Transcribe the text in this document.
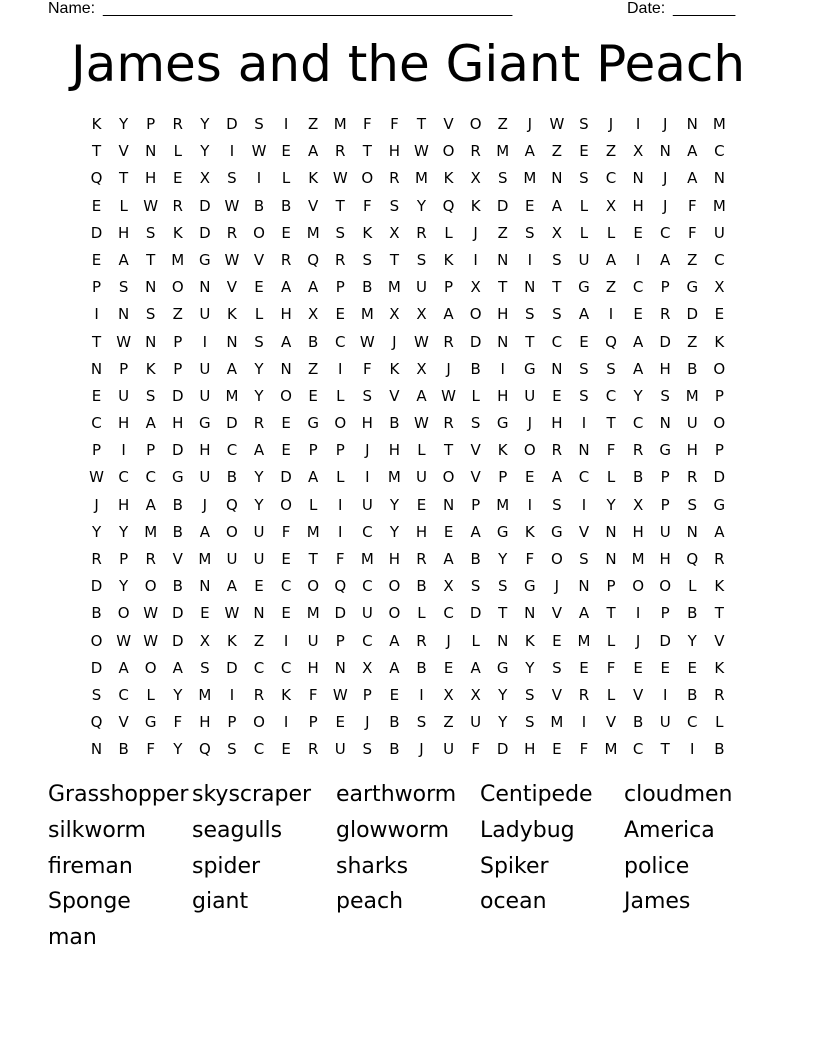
Name: ______________________________________________	Date: _______
James and the Giant Peach
K	Y	P	R	Y	D	S	I	Z	M	F	F	T	V	O	Z	J	W S	J	I	J	N M
T	V	N	L	Y	I	W E	A	R	T	H W O	R	M	A	Z	E	Z	X	N	A	C
Q	T	H	E	X	S	I	L	K W O	R	M	K	X	S	M N	S	C	N	J	A	N
E	L	W R	D W B	B	V	T	F	S	Y	Q	K	D	E	A	L	X	H	J	F	M
D	H	S	K	D	R	O	E	M	S	K	X	R	L	J	Z	S	X	L	L	E	C	F	U
E	A	T	M G W V	R	Q	R	S	T	S	K	I	N	I	S	U	A	I	A	Z	C
P	S	N	O	N	V	E	A	A	P	B	M	U	P	X	T	N	T	G	Z	C	P	G	X
I	N	S	Z	U	K	L	H	X	E	M	X	X	A	O	H	S	S	A	I	E	R	D	E
T	W N	P	I	N	S	A	B	C W	J	W R	D	N	T	C	E	Q	A	D	Z	K
N	P	K	P	U	A	Y	N	Z	I	F	K	X	J	B	I	G	N	S	S	A	H	B	O
E	U	S	D	U	M	Y	O	E	L	S	V	A W	L	H	U	E	S	C	Y	S	M	P
C	H	A	H	G	D	R	E	G	O	H	B W R	S	G	J	H	I	T	C	N	U	O
P	I	P	D	H	C	A	E	P	P	J	H	L	T	V	K	O	R	N	F	R	G	H	P
W C	C	G	U	B	Y	D	A	L	I	M	U	O	V	P	E	A	C	L	B	P	R	D
J	H	A	B	J	Q	Y	O	L	I	U	Y	E	N	P	M	I	S	I	Y	X	P	S	G
Y	Y	M	B	A	O	U	F	M	I	C	Y	H	E	A	G	K	G	V	N	H	U	N	A
R	P	R	V	M	U	U	E	T	F	M H	R	A	B	Y	F	O	S	N M H	Q	R
D	Y	O	B	N	A	E	C	O	Q	C	O	B	X	S	S	G	J	N	P	O	O	L	K
B	O W D	E W N	E	M D	U	O	L	C	D	T	N	V	A	T	I	P	B	T
O W W D	X	K	Z	I	U	P	C	A	R	J	L	N	K	E	M	L	J	D	Y	V
D	A	O	A	S	D	C	C	H	N	X	A	B	E	A	G	Y	S	E	F	E	E	E	K
S	C	L	Y	M	I	R	K	F	W	P	E	I	X	X	Y	S	V	R	L	V	I	B	R
Q	V	G	F	H	P	O	I	P	E	J	B	S	Z	U	Y	S	M	I	V	B	U	C	L
N	B	F	Y	Q	S	C	E	R	U	S	B	J	U	F	D	H	E	F	M	C	T	I	B
Grasshopper skyscraper	earthworm	Centipede	cloudmen
silkworm	seagulls	glowworm	Ladybug	America
fireman	spider	sharks	Spiker	police
Sponge	giant	peach	ocean	James
man
